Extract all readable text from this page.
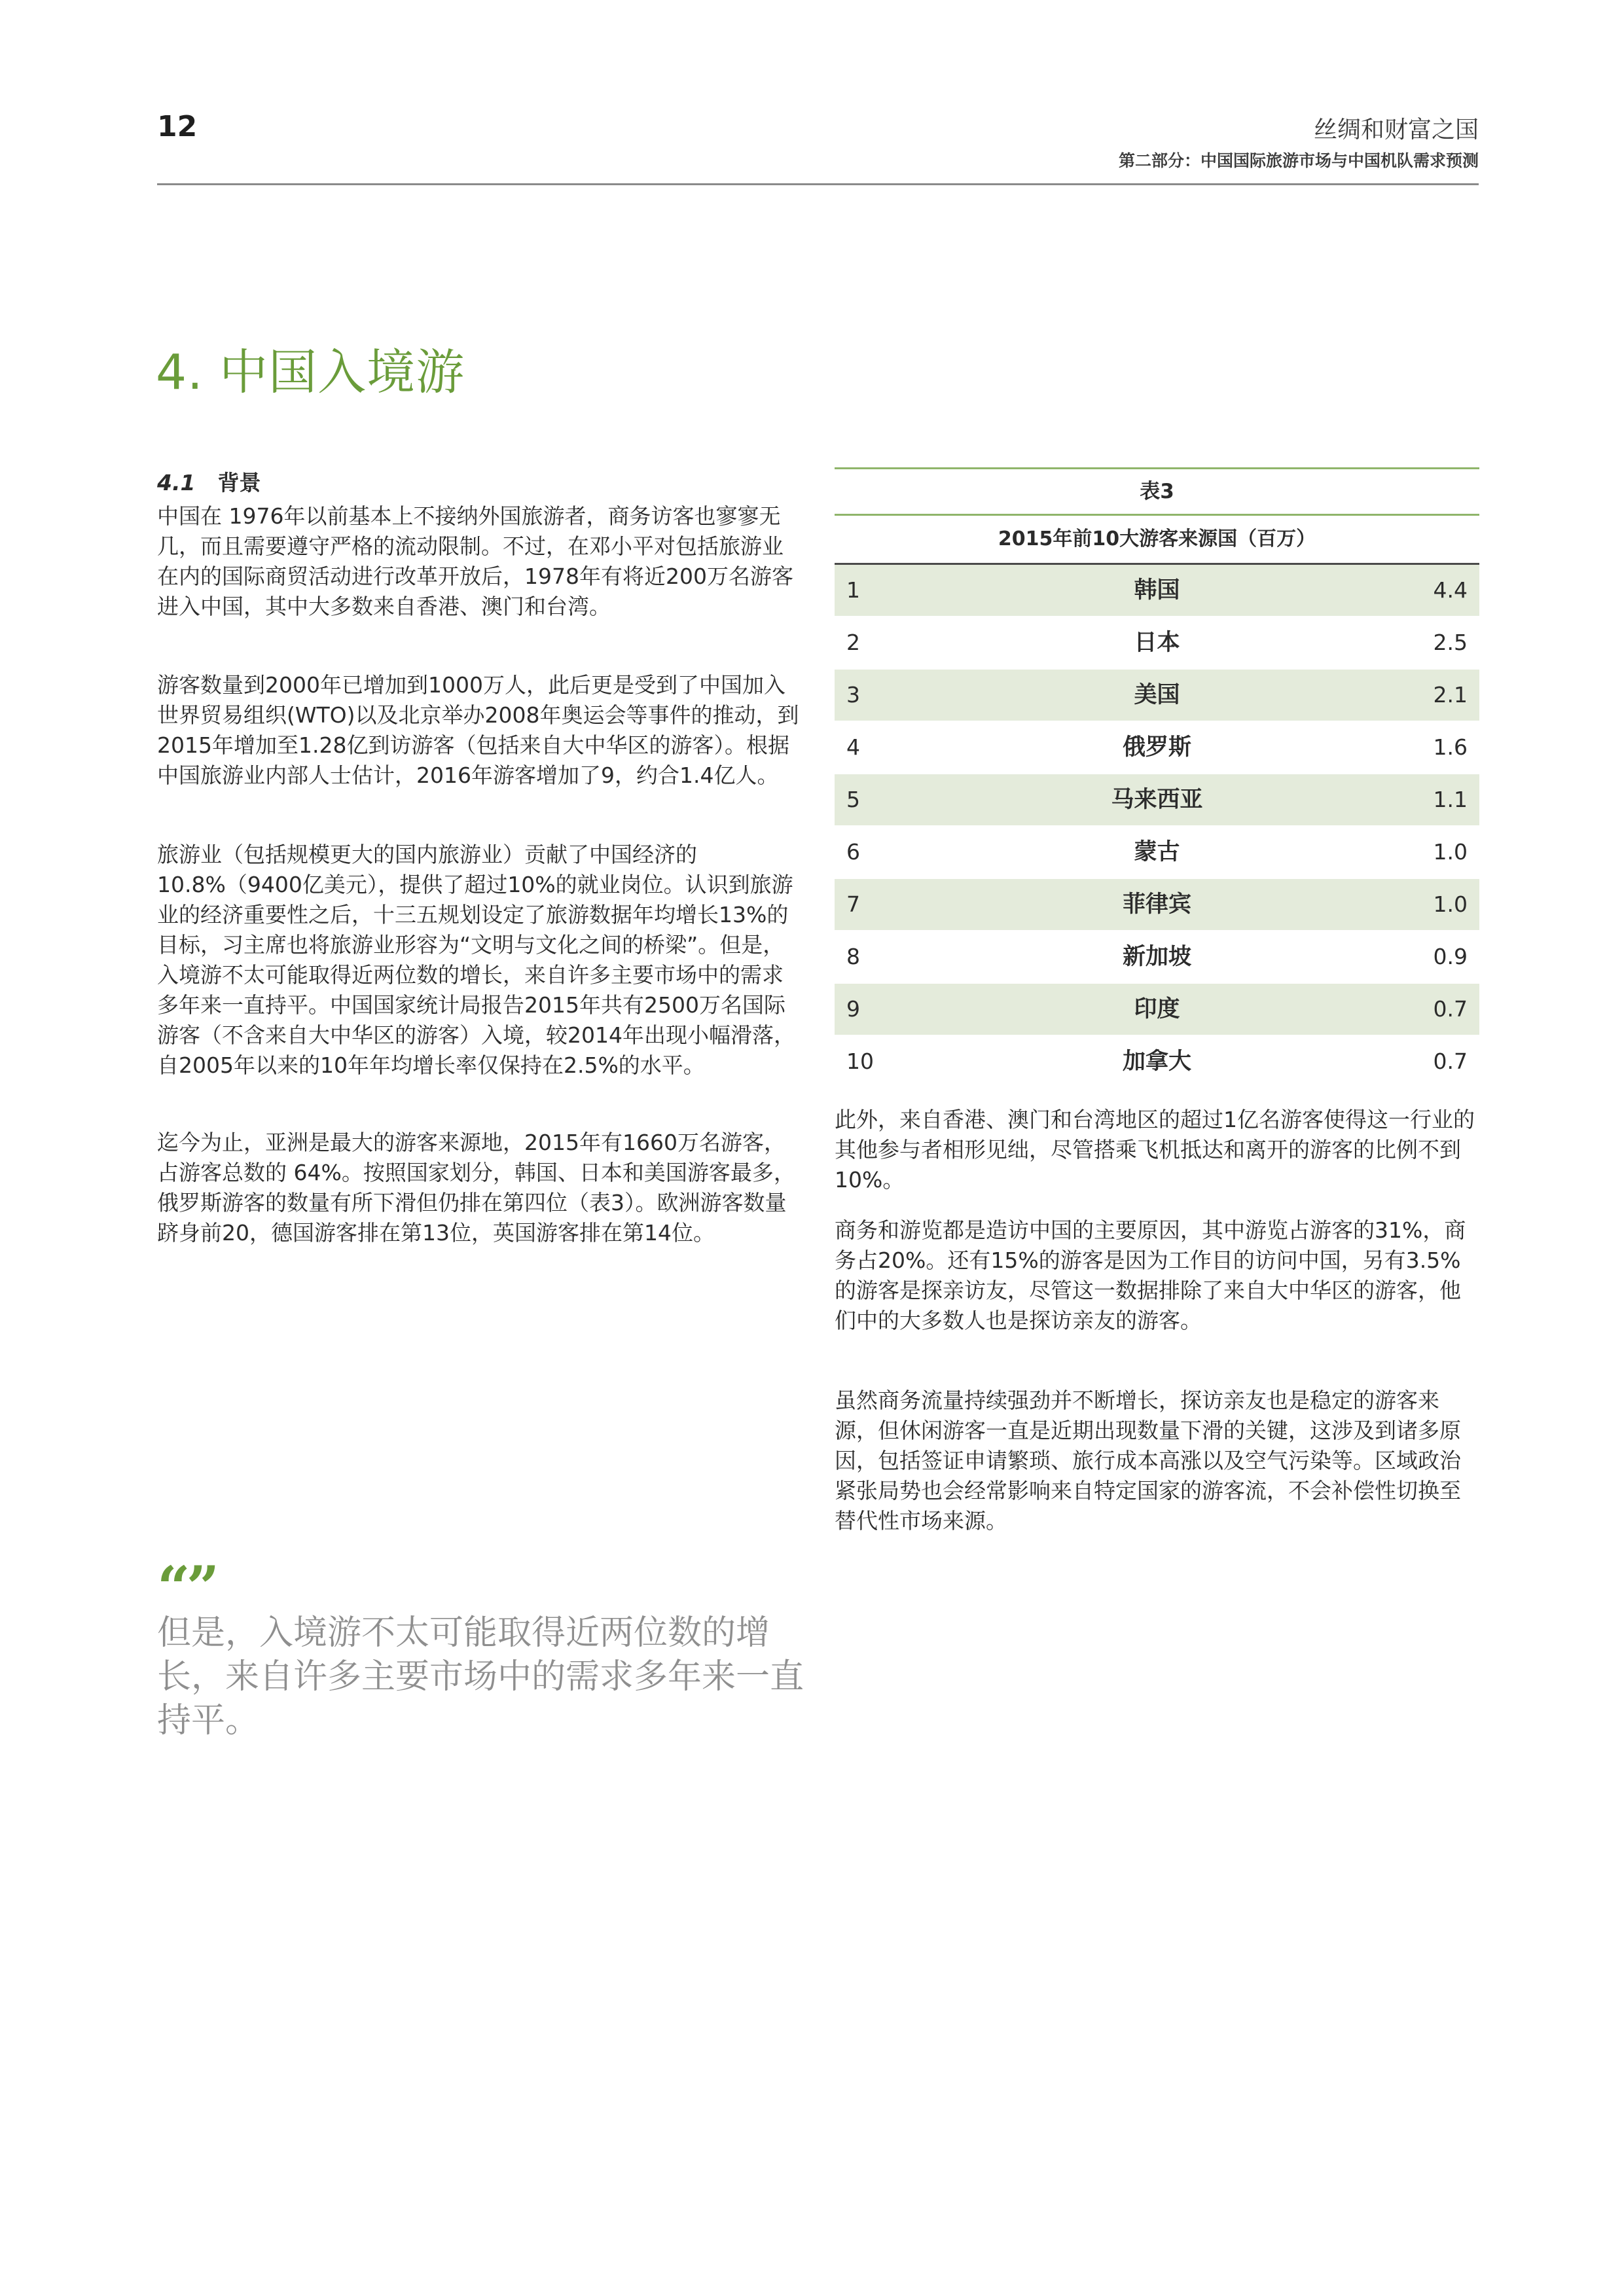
12	丝绸和财富之国
第二部分：中国国际旅游市场与中国机队需求预测
4. 中国入境游
4.1 背景

中国在 1976年以前基本上不接纳外国旅游者，商务访客也寥寥无几，而且需要遵守严格的流动限制。不过，在邓小平对包括旅游业在内的国际商贸活动进行改革开放后，1978年有将近200万名游客进入中国，其中大多数来自香港、澳门和台湾。

游客数量到2000年已增加到1000万人，此后更是受到了中国加入世界贸易组织(WTO)以及北京举办2008年奥运会等事件的推动，到2015年增加至1.28亿到访游客（包括来自大中华区的游客）。根据中国旅游业内部人士估计，2016年游客增加了9，约合1.4亿人。

旅游业（包括规模更大的国内旅游业）贡献了中国经济的10.8%（9400亿美元），提供了超过10%的就业岗位。认识到旅游业的经济重要性之后，十三五规划设定了旅游数据年均增长13%的目标，习主席也将旅游业形容为“文明与文化之间的桥梁”。但是，入境游不太可能取得近两位数的增长，来自许多主要市场中的需求多年来一直持平。中国国家统计局报告2015年共有2500万名国际游客（不含来自大中华区的游客）入境，较2014年出现小幅滑落，自2005年以来的10年年均增长率仅保持在2.5%的水平。

迄今为止，亚洲是最大的游客来源地，2015年有1660万名游客，占游客总数的 64%。按照国家划分，韩国、日本和美国游客最多，俄罗斯游客的数量有所下滑但仍排在第四位（表3）。欧洲游客数量跻身前20，德国游客排在第13位，英国游客排在第14位。

“”
但是，入境游不太可能取得近两位数的增长，来自许多主要市场中的需求多年来一直持平。
表3
2015年前10大游客来源国（百万）
1	韩国	4.4
2	日本	2.5
3	美国	2.1
4	俄罗斯	1.6
5	马来西亚	1.1
6	蒙古	1.0
7	菲律宾	1.0
8	新加坡	0.9
9	印度	0.7
10	加拿大	0.7

此外，来自香港、澳门和台湾地区的超过1亿名游客使得这一行业的其他参与者相形见绌，尽管搭乘飞机抵达和离开的游客的比例不到10%。

商务和游览都是造访中国的主要原因，其中游览占游客的31%，商务占20%。还有15%的游客是因为工作目的访问中国，另有3.5%的游客是探亲访友，尽管这一数据排除了来自大中华区的游客，他们中的大多数人也是探访亲友的游客。

虽然商务流量持续强劲并不断增长，探访亲友也是稳定的游客来源，但休闲游客一直是近期出现数量下滑的关键，这涉及到诸多原因，包括签证申请繁琐、旅行成本高涨以及空气污染等。区域政治紧张局势也会经常影响来自特定国家的游客流，不会补偿性切换至替代性市场来源。
